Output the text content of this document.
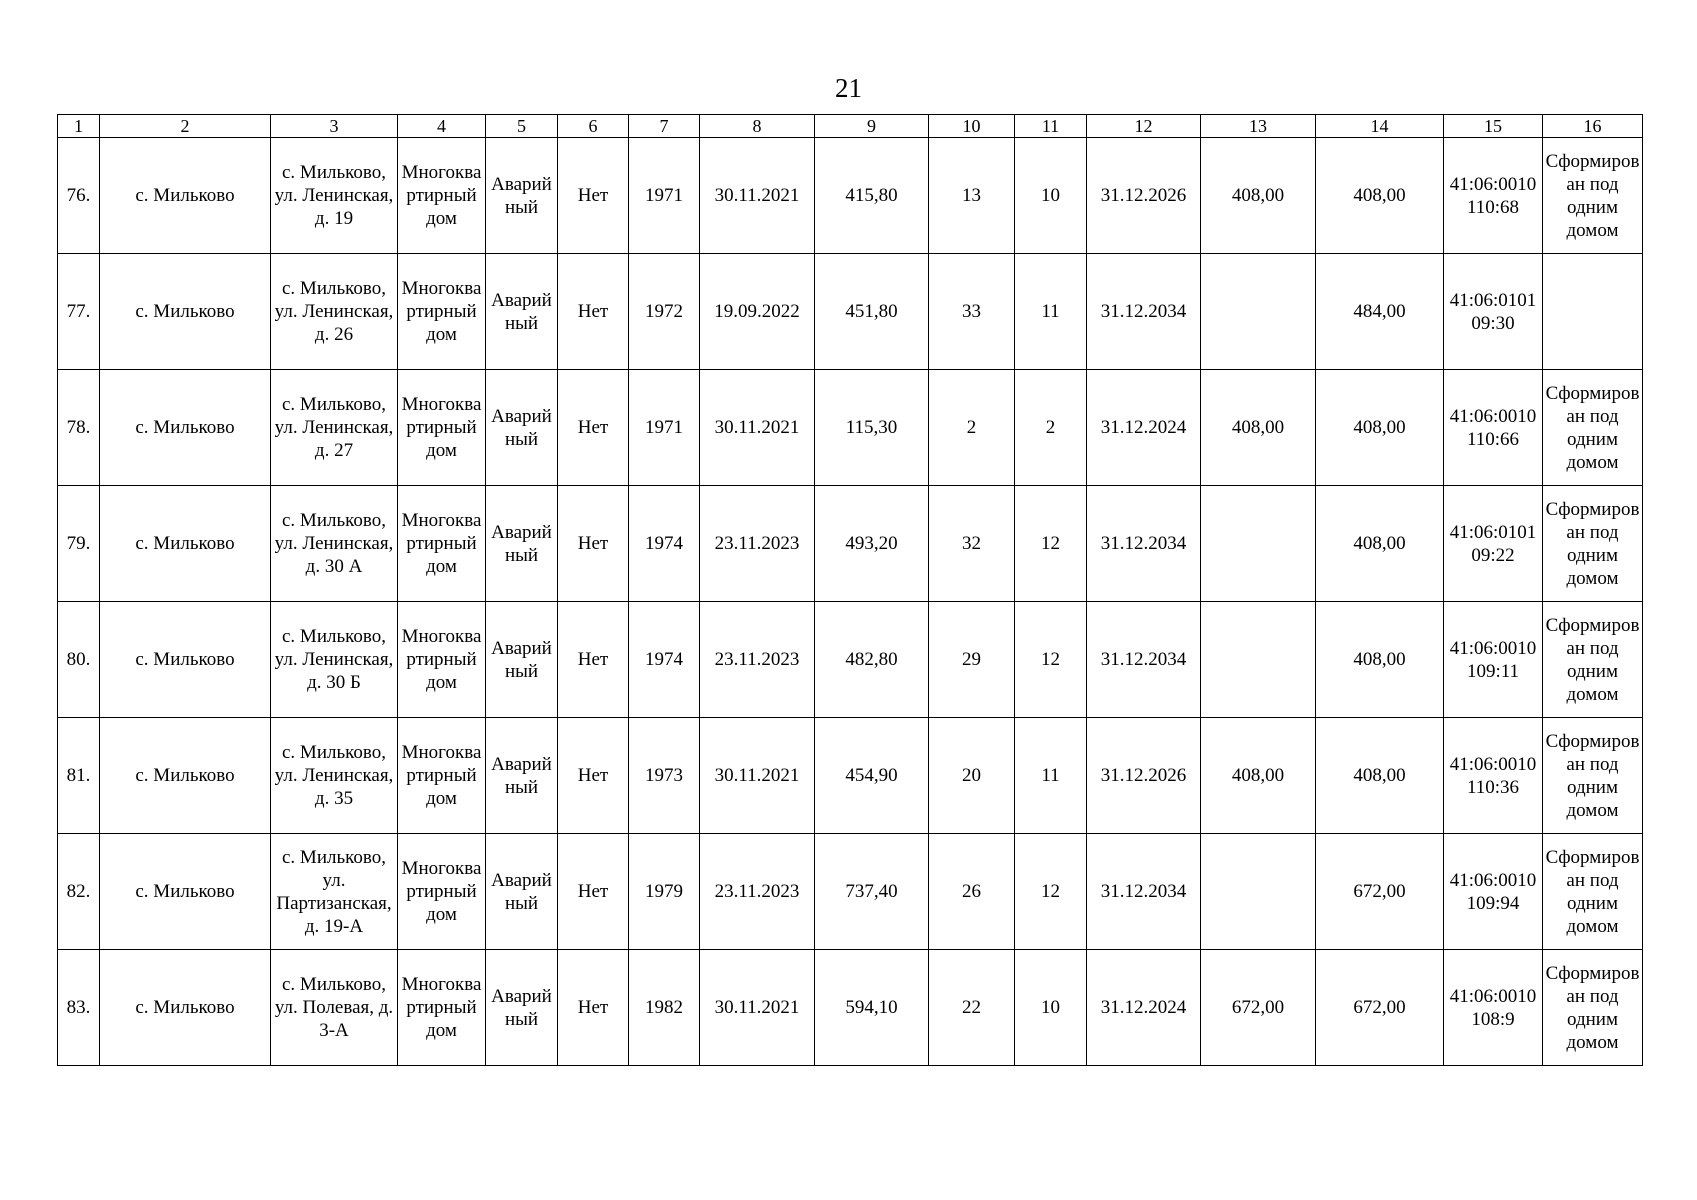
21
1	2	3	4	5	6	7	8	9	10	11	12	13	14	15	16
76.	с. Мильково	с. Мильково, ул. Ленинская, д. 19	Многоквартирный дом	Аварийный	Нет	1971	30.11.2021	415,80	13	10	31.12.2026	408,00	408,00	41:06:0010110:68	Сформирован под одним домом
77.	с. Мильково	с. Мильково, ул. Ленинская, д. 26	Многоквартирный дом	Аварийный	Нет	1972	19.09.2022	451,80	33	11	31.12.2034		484,00	41:06:010109:30	
78.	с. Мильково	с. Мильково, ул. Ленинская, д. 27	Многоквартирный дом	Аварийный	Нет	1971	30.11.2021	115,30	2	2	31.12.2024	408,00	408,00	41:06:0010110:66	Сформирован под одним домом
79.	с. Мильково	с. Мильково, ул. Ленинская, д. 30 А	Многоквартирный дом	Аварийный	Нет	1974	23.11.2023	493,20	32	12	31.12.2034		408,00	41:06:010109:22	Сформирован под одним домом
80.	с. Мильково	с. Мильково, ул. Ленинская, д. 30 Б	Многоквартирный дом	Аварийный	Нет	1974	23.11.2023	482,80	29	12	31.12.2034		408,00	41:06:0010109:11	Сформирован под одним домом
81.	с. Мильково	с. Мильково, ул. Ленинская, д. 35	Многоквартирный дом	Аварийный	Нет	1973	30.11.2021	454,90	20	11	31.12.2026	408,00	408,00	41:06:0010110:36	Сформирован под одним домом
82.	с. Мильково	с. Мильково, ул. Партизанская, д. 19-А	Многоквартирный дом	Аварийный	Нет	1979	23.11.2023	737,40	26	12	31.12.2034		672,00	41:06:0010109:94	Сформирован под одним домом
83.	с. Мильково	с. Мильково, ул. Полевая, д. 3-А	Многоквартирный дом	Аварийный	Нет	1982	30.11.2021	594,10	22	10	31.12.2024	672,00	672,00	41:06:0010108:9	Сформирован под одним домом
